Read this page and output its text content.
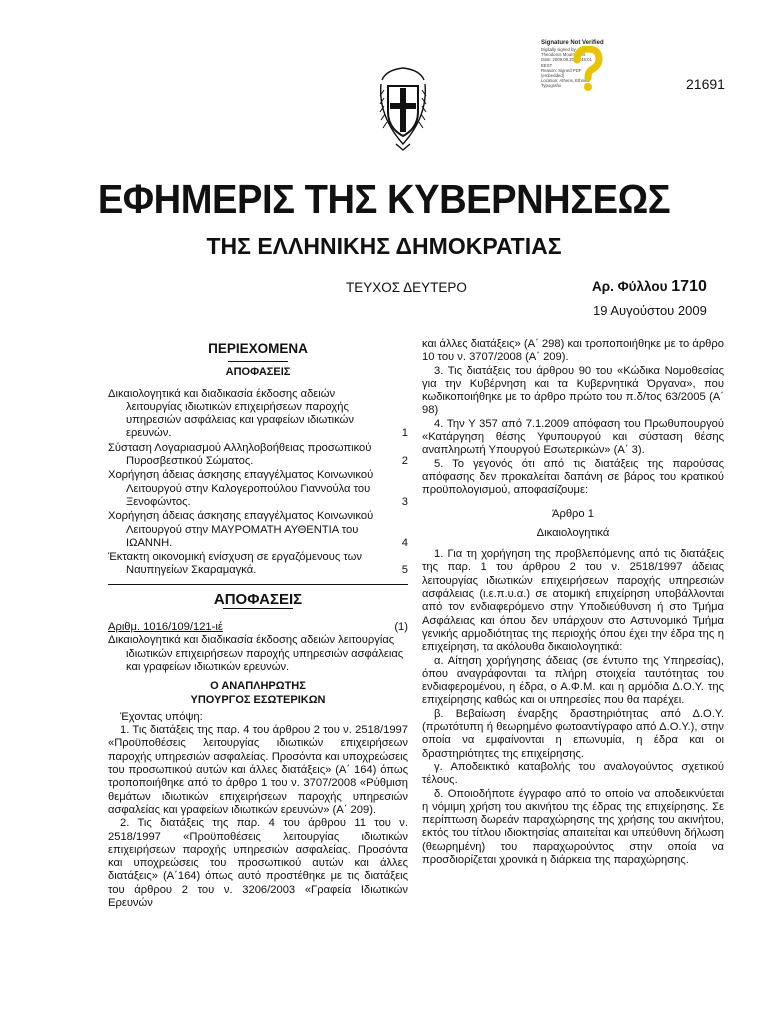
Signature Not Verified
Digitally signed by
Theodoros Mourmouris
Date: 2009.08.20 09:45:01
EEST
Reason: Signed PDF
(embedded)
Location: Athens, Ethniko
Typografio	21691
ΕΦΗΜΕΡΙΣ ΤΗΣ ΚΥΒΕΡΝΗΣΕΩΣ
ΤΗΣ ΕΛΛΗΝΙΚΗΣ ΔΗΜΟΚΡΑΤΙΑΣ
ΤΕΥΧΟΣ ΔΕΥΤΕΡΟ	Αρ. Φύλλου 1710
19 Αυγούστου 2009
ΠΕΡΙΕΧΟΜΕΝΑ
ΑΠΟΦΑΣΕΙΣ
Δικαιολογητικά και διαδικασία έκδοσης αδειών λειτουργίας ιδιωτικών επιχειρήσεων παροχής υπηρεσιών ασφάλειας και γραφείων ιδιωτικών ερευνών.	1
Σύσταση Λογαριασμού Αλληλοβοήθειας προσωπικού Πυροσβεστικού Σώματος.	2
Χορήγηση άδειας άσκησης επαγγέλματος Κοινωνικού Λειτουργού στην Καλογεροπούλου Γιαννούλα του Ξενοφώντος.	3
Χορήγηση άδειας άσκησης επαγγέλματος Κοινωνικού Λειτουργού στην ΜΑΥΡΟΜΑΤΗ ΑΥΘΕΝΤΙΑ του ΙΩΑΝΝΗ.	4
Έκτακτη οικονομική ενίσχυση σε εργαζόμενους των Ναυπηγείων Σκαραμαγκά.	5
ΑΠΟΦΑΣΕΙΣ
Αριθμ. 1016/109/121-ιέ	(1)

Δικαιολογητικά και διαδικασία έκδοσης αδειών λειτουργίας ιδιωτικών επιχειρήσεων παροχής υπηρεσιών ασφάλειας και γραφείων ιδιωτικών ερευνών.

Ο ΑΝΑΠΛΗΡΩΤΗΣ
ΥΠΟΥΡΓΟΣ ΕΣΩΤΕΡΙΚΩΝ

Έχοντας υπόψη:

1. Τις διατάξεις της παρ. 4 του άρθρου 2 του ν. 2518/1997 «Προϋποθέσεις λειτουργίας ιδιωτικών επιχειρήσεων παροχής υπηρεσιών ασφαλείας. Προσόντα και υποχρεώσεις του προσωπικού αυτών και άλλες διατάξεις» (Α΄ 164) όπως τροποποιήθηκε από το άρθρο 1 του ν. 3707/2008 «Ρύθμιση θεμάτων ιδιωτικών επιχειρήσεων παροχής υπηρεσιών ασφαλείας και γραφείων ιδιωτικών ερευνών» (Α΄ 209).

2. Τις διατάξεις της παρ. 4 του άρθρου 11 του ν. 2518/1997 «Προϋποθέσεις λειτουργίας ιδιωτικών επιχειρήσεων παροχής υπηρεσιών ασφαλείας. Προσόντα και υποχρεώσεις του προσωπικού αυτών και άλλες διατάξεις» (Α΄164) όπως αυτό προστέθηκε με τις διατάξεις του άρθρου 2 του ν. 3206/2003 «Γραφεία Ιδιωτικών Ερευνών

και άλλες διατάξεις» (Α΄ 298) και τροποποιήθηκε με το άρθρο 10 του ν. 3707/2008 (Α΄ 209).

3. Τις διατάξεις του άρθρου 90 του «Κώδικα Νομοθεσίας για την Κυβέρνηση και τα Κυβερνητικά Όργανα», που κωδικοποιήθηκε με το άρθρο πρώτο του π.δ/τος 63/2005 (Α΄ 98)

4. Την Υ 357 από 7.1.2009 απόφαση του Πρωθυπουργού «Κατάργηση θέσης Υφυπουργού και σύσταση θέσης αναπληρωτή Υπουργού Εσωτερικών» (Α΄ 3).

5. Το γεγονός ότι από τις διατάξεις της παρούσας απόφασης δεν προκαλείται δαπάνη σε βάρος του κρατικού προϋπολογισμού, αποφασίζουμε:

Άρθρο 1

Δικαιολογητικά

1. Για τη χορήγηση της προβλεπόμενης από τις διατάξεις της παρ. 1 του άρθρου 2 του ν. 2518/1997 άδειας λειτουργίας ιδιωτικών επιχειρήσεων παροχής υπηρεσιών ασφάλειας (ι.ε.π.υ.α.) σε ατομική επιχείρηση υποβάλλονται από τον ενδιαφερόμενο στην Υποδιεύθυνση ή στο Τμήμα Ασφάλειας και όπου δεν υπάρχουν στο Αστυνομικό Τμήμα γενικής αρμοδιότητας της περιοχής όπου έχει την έδρα της η επιχείρηση, τα ακόλουθα δικαιολογητικά:

α. Αίτηση χορήγησης άδειας (σε έντυπο της Υπηρεσίας), όπου αναγράφονται τα πλήρη στοιχεία ταυτότητας του ενδιαφερομένου, η έδρα, ο Α.Φ.Μ. και η αρμόδια Δ.Ο.Υ. της επιχείρησης καθώς και οι υπηρεσίες που θα παρέχει.

β. Βεβαίωση έναρξης δραστηριότητας από Δ.Ο.Υ. (πρωτότυπη ή θεωρημένο φωτοαντίγραφο από Δ.Ο.Υ.), στην οποία να εμφαίνονται η επωνυμία, η έδρα και οι δραστηριότητες της επιχείρησης.

γ. Αποδεικτικό καταβολής του αναλογούντος σχετικού τέλους.

δ. Οποιοδήποτε έγγραφο από το οποίο να αποδεικνύεται η νόμιμη χρήση του ακινήτου της έδρας της επιχείρησης. Σε περίπτωση δωρεάν παραχώρησης της χρήσης του ακινήτου, εκτός του τίτλου ιδιοκτησίας απαιτείται και υπεύθυνη δήλωση (θεωρημένη) του παραχωρούντος στην οποία να προσδιορίζεται χρονικά η διάρκεια της παραχώρησης.
